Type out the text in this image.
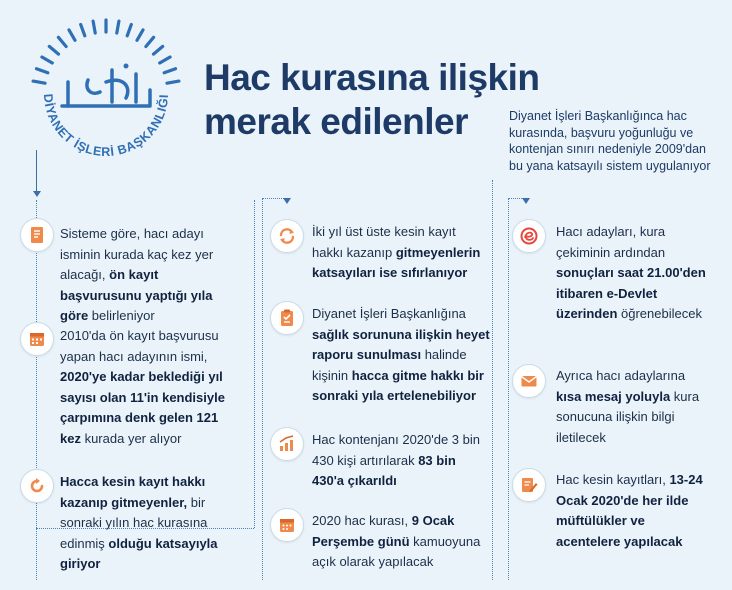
DİYANET İŞLERİ BAŞKANLIĞI Hac kurasına ilişkin
merak edilenler	Diyanet İşleri Başkanlığınca hac kurasında, başvuru yoğunluğu ve kontenjan sınırı nedeniyle 2009'dan bu yana katsayılı sistem uygulanıyor
Sisteme göre, hacı adayı isminin kurada kaç kez yer alacağı, ön kayıt başvurusunu yaptığı yıla göre belirleniyor
2010'da ön kayıt başvurusu yapan hacı adayının ismi, 2020'ye kadar beklediği yıl sayısı olan 11'in kendisiyle çarpımına denk gelen 121 kez kurada yer alıyor
Hacca kesin kayıt hakkı kazanıp gitmeyenler, bir sonraki yılın hac kurasına edinmiş olduğu katsayıyla giriyor
İki yıl üst üste kesin kayıt hakkı kazanıp gitmeyenlerin katsayıları ise sıfırlanıyor
Diyanet İşleri Başkanlığına sağlık sorununa ilişkin heyet raporu sunulması halinde kişinin hacca gitme hakkı bir sonraki yıla ertelenebiliyor
Hac kontenjanı 2020'de 3 bin 430 kişi artırılarak 83 bin 430'a çıkarıldı
2020 hac kurası, 9 Ocak Perşembe günü kamuoyuna açık olarak yapılacak
Hacı adayları, kura çekiminin ardından sonuçları saat 21.00'den itibaren e-Devlet üzerinden öğrenebilecek
Ayrıca hacı adaylarına kısa mesaj yoluyla kura sonucuna ilişkin bilgi iletilecek
Hac kesin kayıtları, 13-24 Ocak 2020'de her ilde müftülükler ve acentelere yapılacak
